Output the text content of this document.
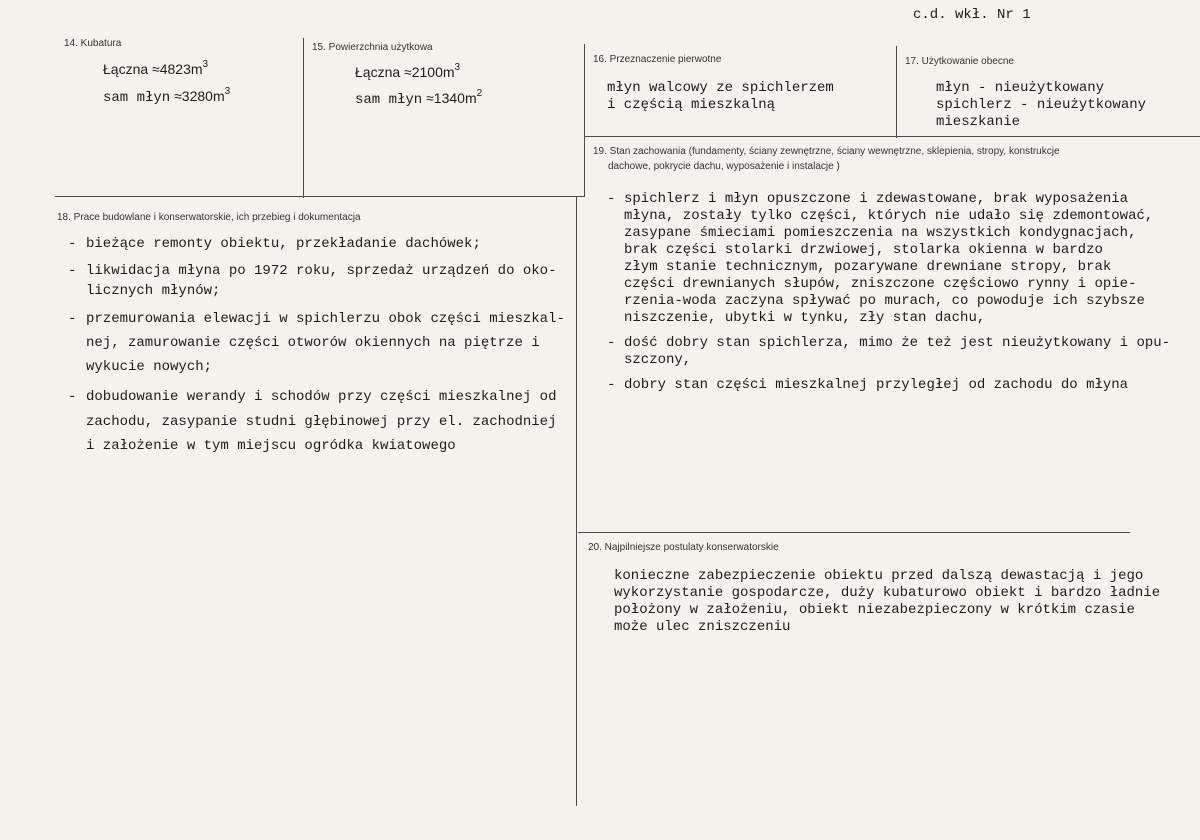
c.d. wkł. Nr 1
14. Kubatura
Łączna $\approx 4823m^3$
sam młyn $\approx 3280m^3$
15. Powierzchnia użytkowa
Łączna $\approx 2100m^3$
sam młyn $\approx 1340m^2$
16. Przeznaczenie pierwotne
młyn walcowy ze spichlerzem
i częścią mieszkalną
17. Użytkowanie obecne
młyn - nieużytkowany
spichlerz - nieużytkowany
mieszkanie
19. Stan zachowania (fundamenty, ściany zewnętrzne, ściany wewnętrzne, sklepienia, stropy, konstrukcje
dachowe, pokrycie dachu, wyposażenie i instalacje )
- spichlerz i młyn opuszczone i zdewastowane, brak wyposażenia
młyna, zostały tylko części, których nie udało się zdemontować,
zasypane śmieciami pomieszczenia na wszystkich kondygnacjach,
brak części stolarki drzwiowej, stolarka okienna w bardzo
złym stanie technicznym, pozarywane drewniane stropy, brak
części drewnianych słupów, zniszczone częściowo rynny i opie-
rzenia-woda zaczyna spływać po murach, co powoduje ich szybsze
niszczenie, ubytki w tynku, zły stan dachu,
- dość dobry stan spichlerza, mimo że też jest nieużytkowany i opu-
szczony,
- dobry stan części mieszkalnej przyległej od zachodu do młyna
18. Prace budowlane i konserwatorskie, ich przebieg i dokumentacja
- bieżące remonty obiektu, przekładanie dachówek;
- likwidacja młyna po 1972 roku, sprzedaż urządzeń do oko-
licznych młynów;
- przemurowania elewacji w spichlerzu obok części mieszkal-
nej, zamurowanie części otworów okiennych na piętrze i
wykucie nowych;
- dobudowanie werandy i schodów przy części mieszkalnej od
zachodu, zasypanie studni głębinowej przy el. zachodniej
i założenie w tym miejscu ogródka kwiatowego
20. Najpilniejsze postulaty konserwatorskie
konieczne zabezpieczenie obiektu przed dalszą dewastacją i jego
wykorzystanie gospodarcze, duży kubaturowo obiekt i bardzo ładnie
położony w założeniu, obiekt niezabezpieczony w krótkim czasie
może ulec zniszczeniu
